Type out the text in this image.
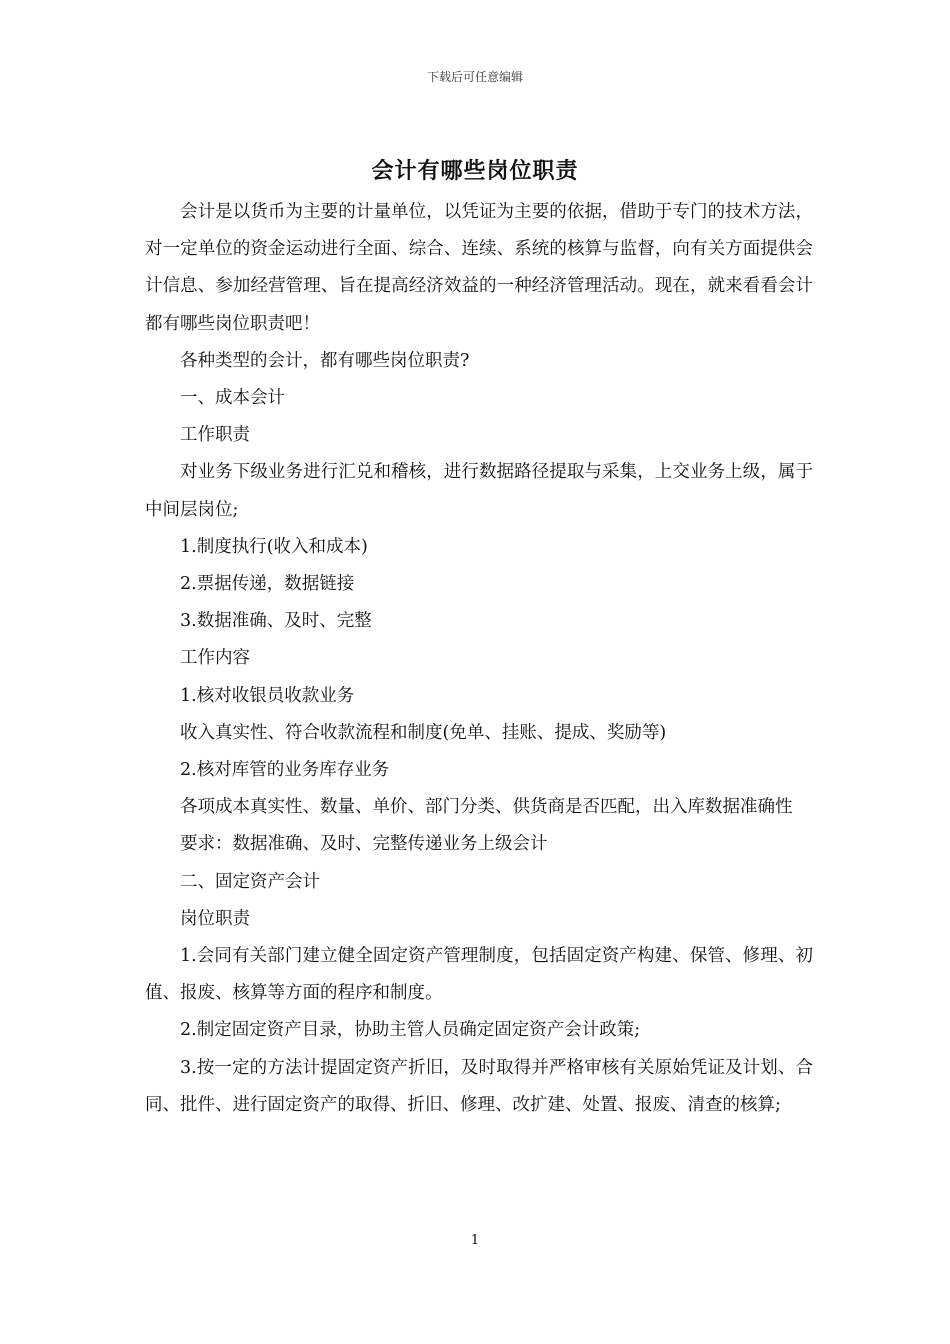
下载后可任意编辑
会计有哪些岗位职责

会计是以货币为主要的计量单位，以凭证为主要的依据，借助于专门的技术方法，对一定单位的资金运动进行全面、综合、连续、系统的核算与监督，向有关方面提供会计信息、参加经营管理、旨在提高经济效益的一种经济管理活动。现在，就来看看会计都有哪些岗位职责吧！

各种类型的会计，都有哪些岗位职责?

一、成本会计

工作职责

对业务下级业务进行汇兑和稽核，进行数据路径提取与采集，上交业务上级，属于中间层岗位;

1.制度执行(收入和成本)

2.票据传递，数据链接

3.数据准确、及时、完整

工作内容

1.核对收银员收款业务

收入真实性、符合收款流程和制度(免单、挂账、提成、奖励等)

2.核对库管的业务库存业务

各项成本真实性、数量、单价、部门分类、供货商是否匹配，出入库数据准确性

要求：数据准确、及时、完整传递业务上级会计

二、固定资产会计

岗位职责

1.会同有关部门建立健全固定资产管理制度，包括固定资产构建、保管、修理、初值、报废、核算等方面的程序和制度。

2.制定固定资产目录，协助主管人员确定固定资产会计政策;

3.按一定的方法计提固定资产折旧，及时取得并严格审核有关原始凭证及计划、合同、批件、进行固定资产的取得、折旧、修理、改扩建、处置、报废、清查的核算;

1
